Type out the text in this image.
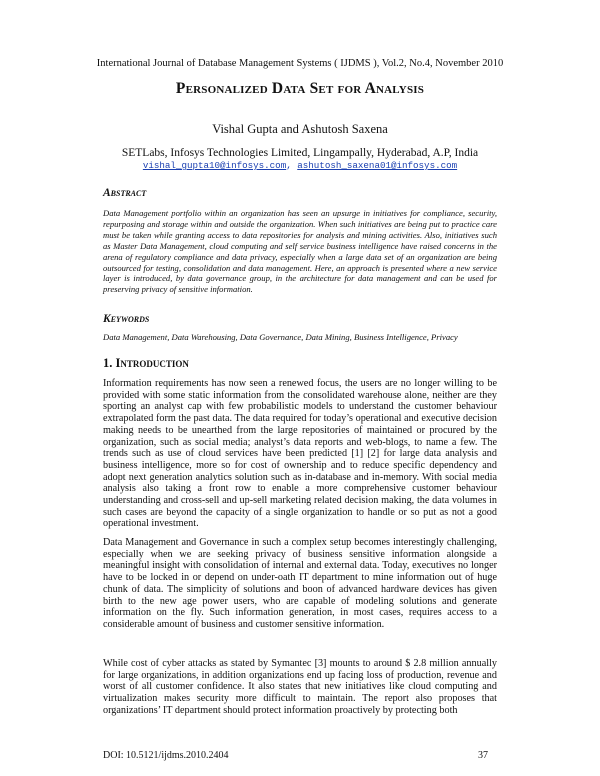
International Journal of Database Management Systems ( IJDMS ), Vol.2, No.4, November 2010
Personalized Data Set for Analysis
Vishal Gupta and Ashutosh Saxena
SETLabs, Infosys Technologies Limited, Lingampally, Hyderabad, A.P, India
vishal_gupta10@infosys.com, ashutosh_saxena01@infosys.com
Abstract

Data Management portfolio within an organization has seen an upsurge in initiatives for compliance, security, repurposing and storage within and outside the organization. When such initiatives are being put to practice care must be taken while granting access to data repositories for analysis and mining activities. Also, initiatives such as Master Data Management, cloud computing and self service business intelligence have raised concerns in the arena of regulatory compliance and data privacy, especially when a large data set of an organization are being outsourced for testing, consolidation and data management. Here, an approach is presented where a new service layer is introduced, by data governance group, in the architecture for data management and can be used for preserving privacy of sensitive information.

Keywords

Data Management, Data Warehousing, Data Governance, Data Mining, Business Intelligence, Privacy

1. Introduction

Information requirements has now seen a renewed focus, the users are no longer willing to be provided with some static information from the consolidated warehouse alone, neither are they sporting an analyst cap with few probabilistic models to understand the customer behaviour extrapolated form the past data. The data required for today’s operational and executive decision making needs to be unearthed from the large repositories of maintained or procured by the organization, such as social media; analyst’s data reports and web-blogs, to name a few. The trends such as use of cloud services have been predicted [1] [2] for large data analysis and business intelligence, more so for cost of ownership and to reduce specific dependency and adopt next generation analytics solution such as in-database and in-memory. With social media analysis also taking a front row to enable a more comprehensive customer behaviour understanding and cross-sell and up-sell marketing related decision making, the data volumes in such cases are beyond the capacity of a single organization to handle or so put as not a good operational investment.

Data Management and Governance in such a complex setup becomes interestingly challenging, especially when we are seeking privacy of business sensitive information alongside a meaningful insight with consolidation of internal and external data. Today, executives no longer have to be locked in or depend on under-oath IT department to mine information out of huge chunk of data. The simplicity of solutions and boon of advanced hardware devices has given birth to the new age power users, who are capable of modeling solutions and generate information on the fly. Such information generation, in most cases, requires access to a considerable amount of business and customer sensitive information.

While cost of cyber attacks as stated by Symantec [3] mounts to around $ 2.8 million annually for large organizations, in addition organizations end up facing loss of production, revenue and worst of all customer confidence. It also states that new initiatives like cloud computing and virtualization makes security more difficult to maintain. The report also proposes that organizations’ IT department should protect information proactively by protecting both

DOI: 10.5121/ijdms.2010.2404	37
